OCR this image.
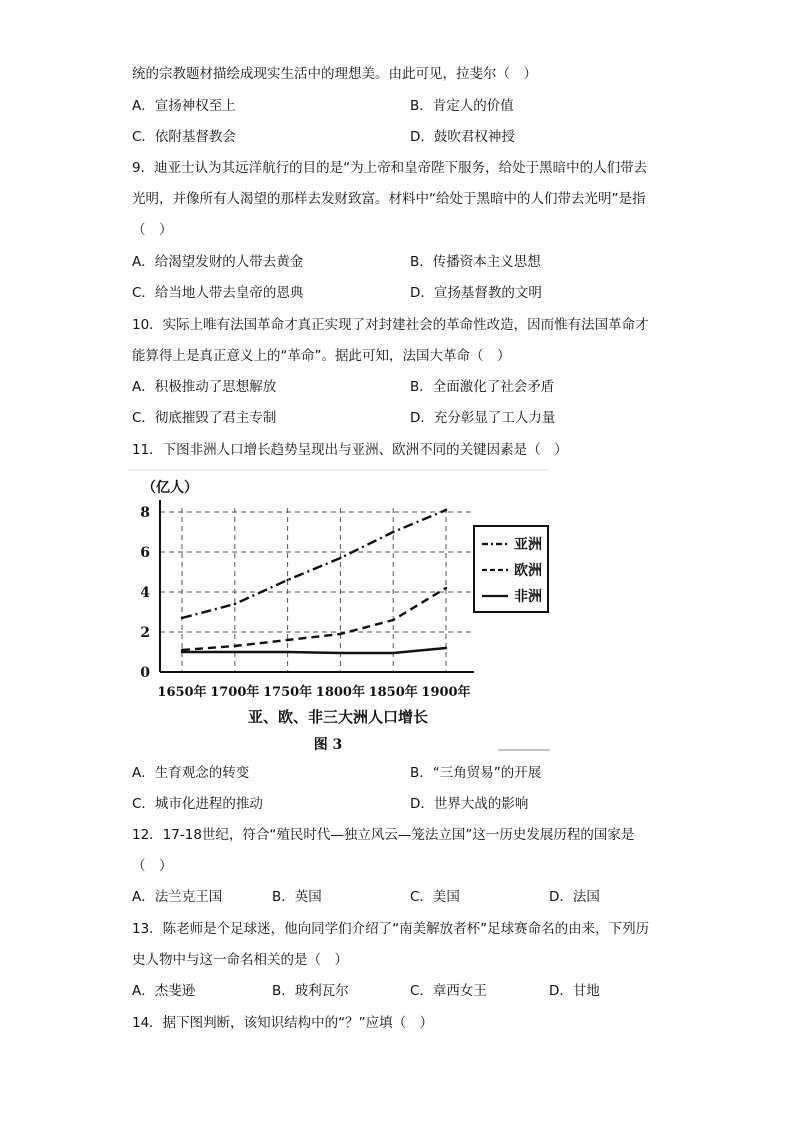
统的宗教题材描绘成现实生活中的理想美。由此可见，拉斐尔（　）
A．宣扬神权至上	B．肯定人的价值
C．依附基督教会	D．鼓吹君权神授
9．迪亚士认为其远洋航行的目的是“为上帝和皇帝陛下服务，给处于黑暗中的人们带去
光明，并像所有人渴望的那样去发财致富。材料中“给处于黑暗中的人们带去光明”是指
（　）
A．给渴望发财的人带去黄金	B．传播资本主义思想
C．给当地人带去皇帝的恩典	D．宣扬基督教的文明
10．实际上唯有法国革命才真正实现了对封建社会的革命性改造，因而惟有法国革命才
能算得上是真正意义上的“革命”。据此可知，法国大革命（　）
A．积极推动了思想解放	B．全面激化了社会矛盾
C．彻底摧毁了君主专制	D．充分彰显了工人力量
11．下图非洲人口增长趋势呈现出与亚洲、欧洲不同的关键因素是（　）
（亿人）
0
2
4
6
8
1650年 1700年 1750年 1800年 1850年 1900年
亚洲
欧洲
非洲
亚、欧、非三大洲人口增长
图 3
A．生育观念的转变	B．“三角贸易”的开展
C．城市化进程的推动	D．世界大战的影响
12．17-18世纪，符合“殖民时代—独立风云—笼法立国”这一历史发展历程的国家是
（　）
A．法兰克王国	B．英国	C．美国	D．法国
13．陈老师是个足球迷，他向同学们介绍了“南美解放者杯”足球赛命名的由来，下列历
史人物中与这一命名相关的是（　）
A．杰斐逊	B．玻利瓦尔	C．章西女王	D．甘地
14．据下图判断，该知识结构中的“？”应填（　）
